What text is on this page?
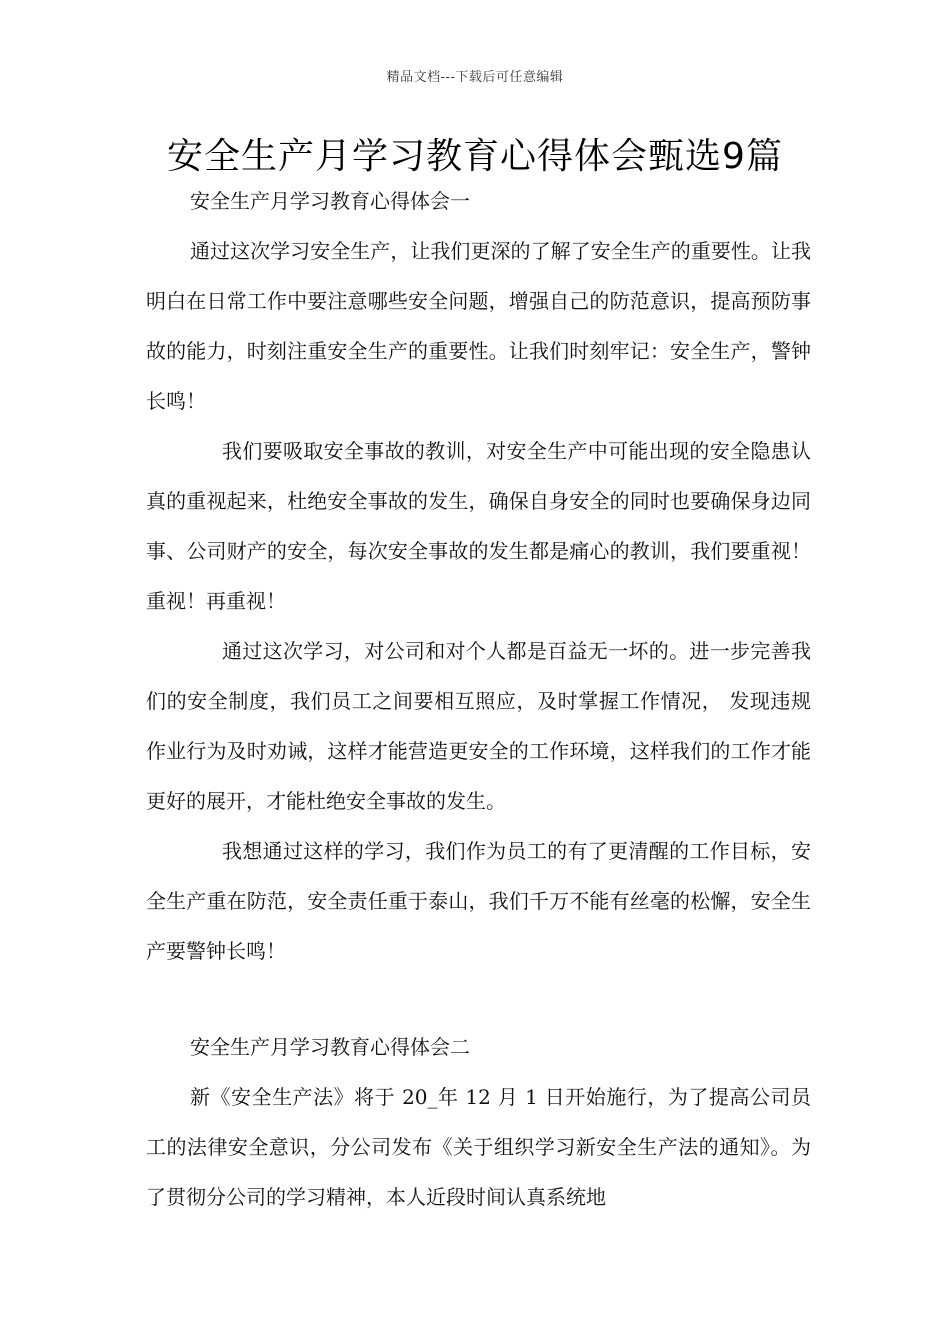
精品文档---下载后可任意编辑
安全生产月学习教育心得体会甄选9篇
安全生产月学习教育心得体会一

通过这次学习安全生产，让我们更深的了解了安全生产的重要性。让我明白在日常工作中要注意哪些安全问题，增强自己的防范意识，提高预防事故的能力，时刻注重安全生产的重要性。让我们时刻牢记：安全生产，警钟长鸣！

我们要吸取安全事故的教训，对安全生产中可能出现的安全隐患认真的重视起来，杜绝安全事故的发生，确保自身安全的同时也要确保身边同事、公司财产的安全，每次安全事故的发生都是痛心的教训，我们要重视！重视！再重视！

通过这次学习，对公司和对个人都是百益无一坏的。进一步完善我们的安全制度，我们员工之间要相互照应，及时掌握工作情况， 发现违规作业行为及时劝诫，这样才能营造更安全的工作环境，这样我们的工作才能更好的展开，才能杜绝安全事故的发生。

我想通过这样的学习，我们作为员工的有了更清醒的工作目标，安全生产重在防范，安全责任重于泰山，我们千万不能有丝毫的松懈，安全生产要警钟长鸣！

安全生产月学习教育心得体会二

新《安全生产法》将于 20_年 12 月 1 日开始施行，为了提高公司员工的法律安全意识，分公司发布《关于组织学习新安全生产法的通知》。为了贯彻分公司的学习精神，本人近段时间认真系统地
